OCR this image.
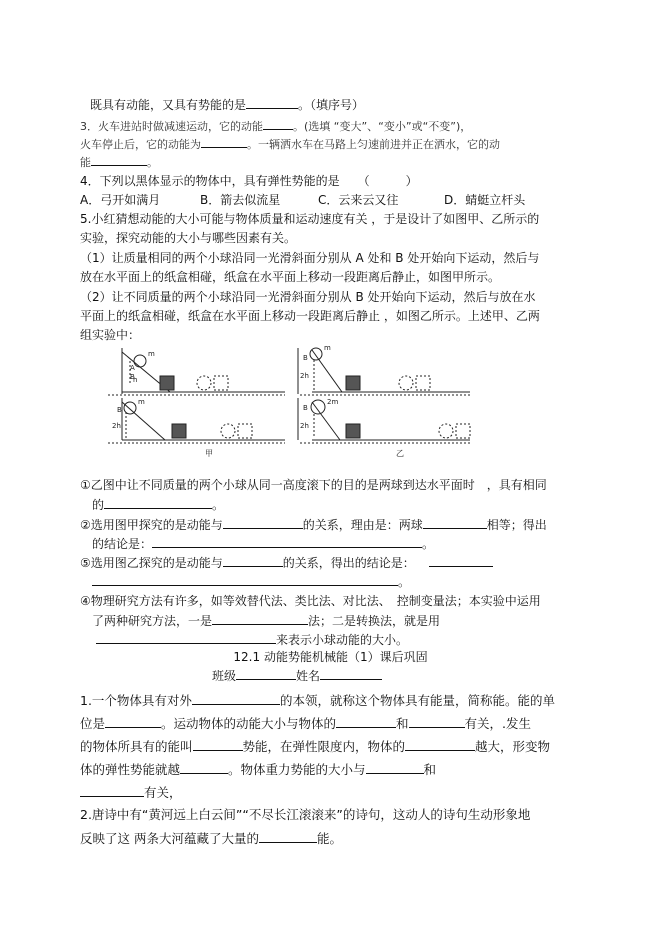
既具有动能，又具有势能的是	。（填序号）
3．火车进站时做减速运动，它的动能	。(选填 “变大”、“变小”或“不变”)，
火车停止后，它的动能为	。一辆洒水车在马路上匀速前进并正在洒水，它的动
能	。
4．下列以黑体显示的物体中，具有弹性势能的是　　（　　　）
A．弓开如满月	B．箭去似流星	C．云来云又往	D．蜻蜓立杆头
5.小红猜想动能的大小可能与物体质量和运动速度有关 ，于是设计了如图甲、乙所示的
实验，探究动能的大小与哪些因素有关。
（1）让质量相同的两个小球沿同一光滑斜面分别从 A 处和 B 处开始向下运动，然后与
放在水平面上的纸盒相碰，纸盒在水平面上移动一段距离后静止，如图甲所示。
（2）让不同质量的两个小球沿同一光滑斜面分别从 B 处开始向下运动，然后与放在水
平面上的纸盒相碰，纸盒在水平面上移动一段距离后静止 ，如图乙所示。上述甲、乙两
组实验中：
m
A
B
h
m
B
2h
m
B
2h
2m
B
2h
甲	乙
①乙图中让不同质量的两个小球从同一高度滚下的目的是两球到达水平面时　，具有相同
的	。
②选用图甲探究的是动能与	的关系，理由是：两球	相等；得出
的结论是：	。
⑤选用图乙探究的是动能与	的关系，得出的结论是：
。
④物理研究方法有许多，如等效替代法、类比法、对比法、　控制变量法；本实验中运用
了两种研究方法，一是	法；二是转换法，就是用
来表示小球动能的大小。
12.1 动能势能机械能（1）课后巩固
班级	姓名
1.一个物体具有对外	的本领，就称这个物体具有能量，简称能。能的单
位是	。运动物体的动能大小与物体的	和	有关，.发生
的物体所具有的能叫	势能，在弹性限度内，物体的	越大，形变物
体的弹性势能就越	。物体重力势能的大小与	和
有关，
2.唐诗中有“黄河远上白云间”“不尽长江滚滚来”的诗句，这动人的诗句生动形象地
反映了这 两条大河蕴藏了大量的	能。
